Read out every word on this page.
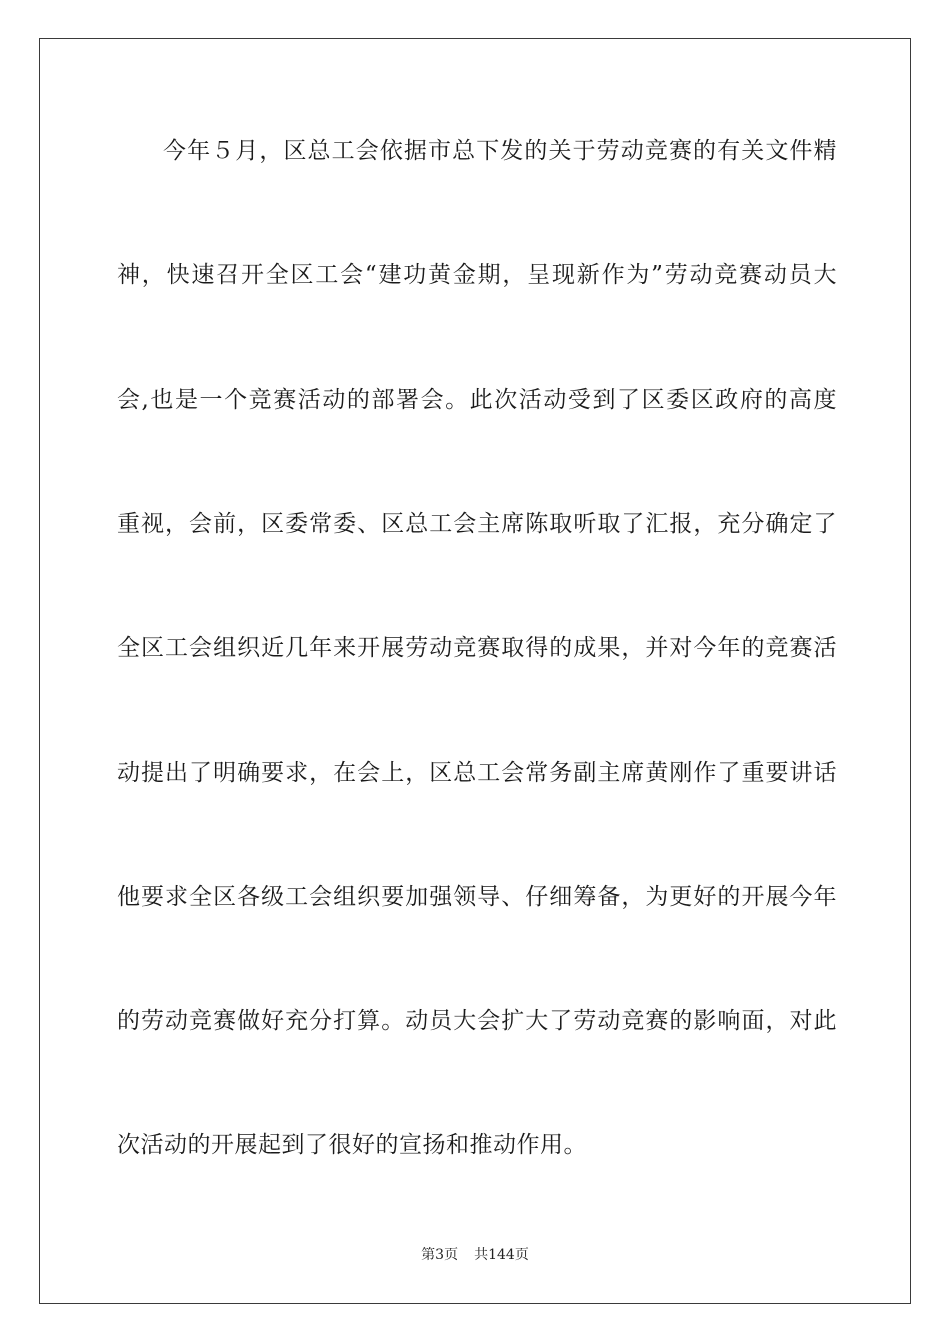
今年５月，区总工会依据市总下发的关于劳动竞赛的有关文件精
神，快速召开全区工会“建功黄金期，呈现新作为”劳动竞赛动员大
会,也是一个竞赛活动的部署会。此次活动受到了区委区政府的高度
重视，会前，区委常委、区总工会主席陈取听取了汇报，充分确定了
全区工会组织近几年来开展劳动竞赛取得的成果，并对今年的竞赛活
动提出了明确要求，在会上，区总工会常务副主席黄刚作了重要讲话
他要求全区各级工会组织要加强领导、仔细筹备，为更好的开展今年
的劳动竞赛做好充分打算。动员大会扩大了劳动竞赛的影响面，对此
次活动的开展起到了很好的宣扬和推动作用。
第3页 共144页
